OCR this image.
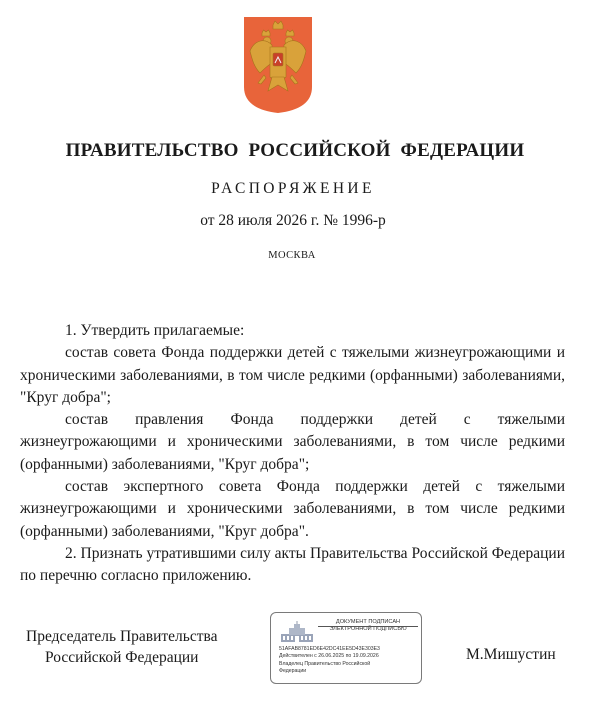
ПРАВИТЕЛЬСТВО РОССИЙСКОЙ ФЕДЕРАЦИИ
РАСПОРЯЖЕНИЕ
от 28 июля 2026 г. № 1996-р
МОСКВА

1. Утвердить прилагаемые:

состав совета Фонда поддержки детей с тяжелыми жизнеугрожающими и хроническими заболеваниями, в том числе редкими (орфанными) заболеваниями, "Круг добра";

состав правления Фонда поддержки детей с тяжелыми жизнеугрожающими и хроническими заболеваниями, в том числе редкими (орфанными) заболеваниями, "Круг добра";

состав экспертного совета Фонда поддержки детей с тяжелыми жизнеугрожающими и хроническими заболеваниями, в том числе редкими (орфанными) заболеваниями, "Круг добра".

2. Признать утратившими силу акты Правительства Российской Федерации по перечню согласно приложению.

Председатель Правительства
Российской Федерации
ДОКУМЕНТ ПОДПИСАН
ЭЛЕКТРОННОЙ ПОДПИСЬЮ
51AFAB8781ED6E42DC41EE5D43E303E3
Действителен с 26.06.2025 по 19.09.2026
Владелец Правительство Российской
Федерации
М.Мишустин
